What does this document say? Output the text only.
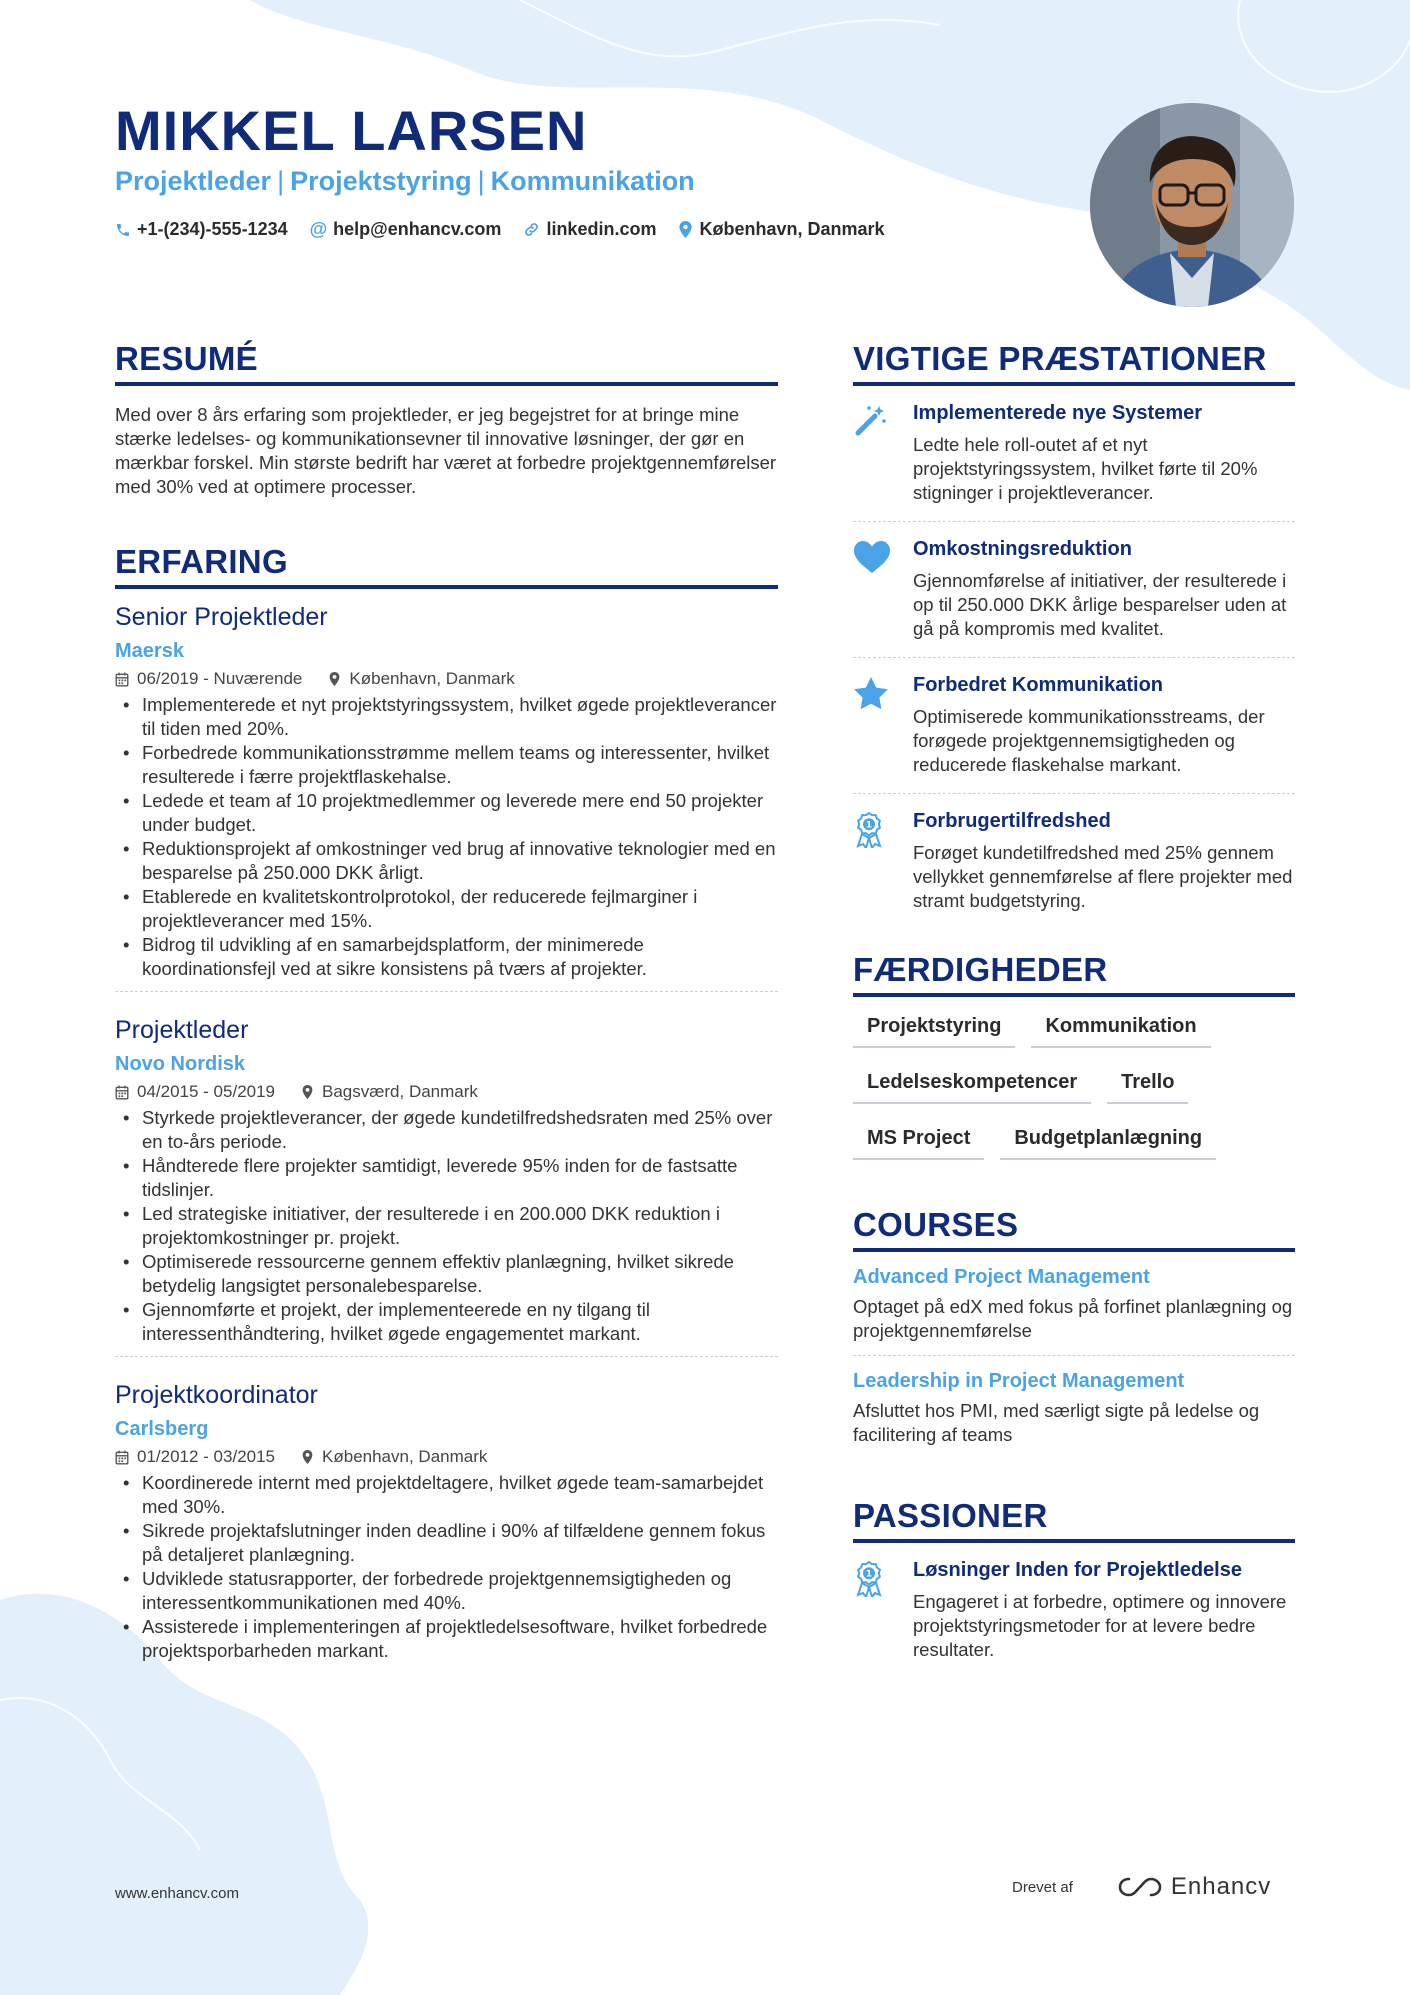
MIKKEL LARSEN
Projektleder | Projektstyring | Kommunikation
+1-(234)-555-1234 @ help@enhancv.com	linkedin.com København, Danmark
RESUMÉ
Med over 8 års erfaring som projektleder, er jeg begejstret for at bringe mine stærke ledelses- og kommunikationsevner til innovative løsninger, der gør en mærkbar forskel. Min største bedrift har været at forbedre projektgennemførelser med 30% ved at optimere processer.
ERFARING
Senior Projektleder
Maersk
06/2019 - Nuværende	København, Danmark
• Implementerede et nyt projektstyringssystem, hvilket øgede projektleverancer til tiden med 20%.
• Forbedrede kommunikationsstrømme mellem teams og interessenter, hvilket resulterede i færre projektflaskehalse.
• Ledede et team af 10 projektmedlemmer og leverede mere end 50 projekter under budget.
• Reduktionsprojekt af omkostninger ved brug af innovative teknologier med en besparelse på 250.000 DKK årligt.
• Etablerede en kvalitetskontrolprotokol, der reducerede fejlmarginer i projektleverancer med 15%.
• Bidrog til udvikling af en samarbejdsplatform, der minimerede koordinationsfejl ved at sikre konsistens på tværs af projekter.
Projektleder
Novo Nordisk
04/2015 - 05/2019	Bagsværd, Danmark
• Styrkede projektleverancer, der øgede kundetilfredshedsraten med 25% over en to-års periode.
• Håndterede flere projekter samtidigt, leverede 95% inden for de fastsatte tidslinjer.
• Led strategiske initiativer, der resulterede i en 200.000 DKK reduktion i projektomkostninger pr. projekt.
• Optimiserede ressourcerne gennem effektiv planlægning, hvilket sikrede betydelig langsigtet personalebesparelse.
• Gjennomførte et projekt, der implementeerede en ny tilgang til interessenthåndtering, hvilket øgede engagementet markant.
Projektkoordinator
Carlsberg
01/2012 - 03/2015	København, Danmark
• Koordinerede internt med projektdeltagere, hvilket øgede team-samarbejdet med 30%.
• Sikrede projektafslutninger inden deadline i 90% af tilfældene gennem fokus på detaljeret planlægning.
• Udviklede statusrapporter, der forbedrede projektgennemsigtigheden og interessentkommunikationen med 40%.
• Assisterede i implementeringen af projektledelsesoftware, hvilket forbedrede projektsporbarheden markant.
VIGTIGE PRÆSTATIONER
Implementerede nye Systemer
Ledte hele roll-outet af et nyt projektstyringssystem, hvilket førte til 20% stigninger i projektleverancer.
Omkostningsreduktion
Gjennomførelse af initiativer, der resulterede i op til 250.000 DKK årlige besparelser uden at gå på kompromis med kvalitet.
Forbedret Kommunikation
Optimiserede kommunikationsstreams, der forøgede projektgennemsigtigheden og reducerede flaskehalse markant.
1 Forbrugertilfredshed
Forøget kundetilfredshed med 25% gennem vellykket gennemførelse af flere projekter med stramt budgetstyring.
FÆRDIGHEDER
Projektstyring	Kommunikation
Ledelseskompetencer	Trello
MS Project	Budgetplanlægning
COURSES
Advanced Project Management
Optaget på edX med fokus på forfinet planlægning og projektgennemførelse
Leadership in Project Management
Afsluttet hos PMI, med særligt sigte på ledelse og facilitering af teams
PASSIONER
1 Løsninger Inden for Projektledelse
Engageret i at forbedre, optimere og innovere projektstyringsmetoder for at levere bedre resultater.
www.enhancv.com	Drevet af	Enhancv
